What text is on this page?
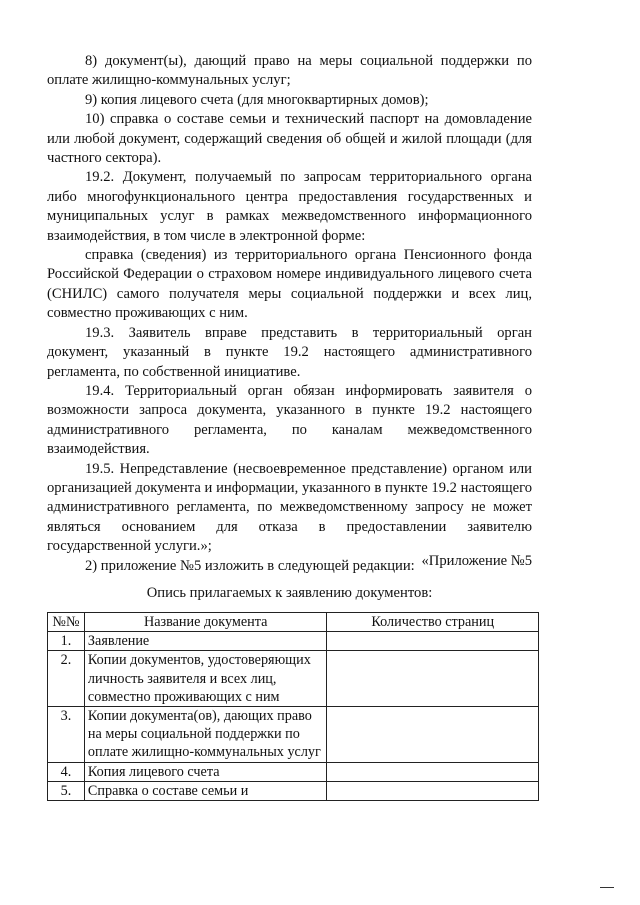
8) документ(ы), дающий право на меры социальной поддержки по оплате жилищно-коммунальных услуг;

9) копия лицевого счета (для многоквартирных домов);

10) справка о составе семьи и технический паспорт на домовладение или любой документ, содержащий сведения об общей и жилой площади (для частного сектора).

19.2. Документ, получаемый по запросам территориального органа либо многофункционального центра предоставления государственных и муниципальных услуг в рамках межведомственного информационного взаимодействия, в том числе в электронной форме:

справка (сведения) из территориального органа Пенсионного фонда Российской Федерации о страховом номере индивидуального лицевого счета (СНИЛС) самого получателя меры социальной поддержки и всех лиц, совместно проживающих с ним.

19.3. Заявитель вправе представить в территориальный орган документ, указанный в пункте 19.2 настоящего административного регламента, по собственной инициативе.

19.4. Территориальный орган обязан информировать заявителя о возможности запроса документа, указанного в пункте 19.2 настоящего административного регламента, по каналам межведомственного взаимодействия.

19.5. Непредставление (несвоевременное представление) органом или организацией документа и информации, указанного в пункте 19.2 настоящего административного регламента, по межведомственному запросу не может являться основанием для отказа в предоставлении заявителю государственной услуги.»;

2) приложение №5 изложить в следующей редакции: «Приложение №5
Опись прилагаемых к заявлению документов:
№№	Название документа	Количество страниц
1.	Заявление	
2.	Копии документов, удостоверяющих личность заявителя и всех лиц, совместно проживающих с ним	
3.	Копии документа(ов), дающих право на меры социальной поддержки по оплате жилищно-коммунальных услуг	
4.	Копия лицевого счета	
5.	Справка о составе семьи и	
